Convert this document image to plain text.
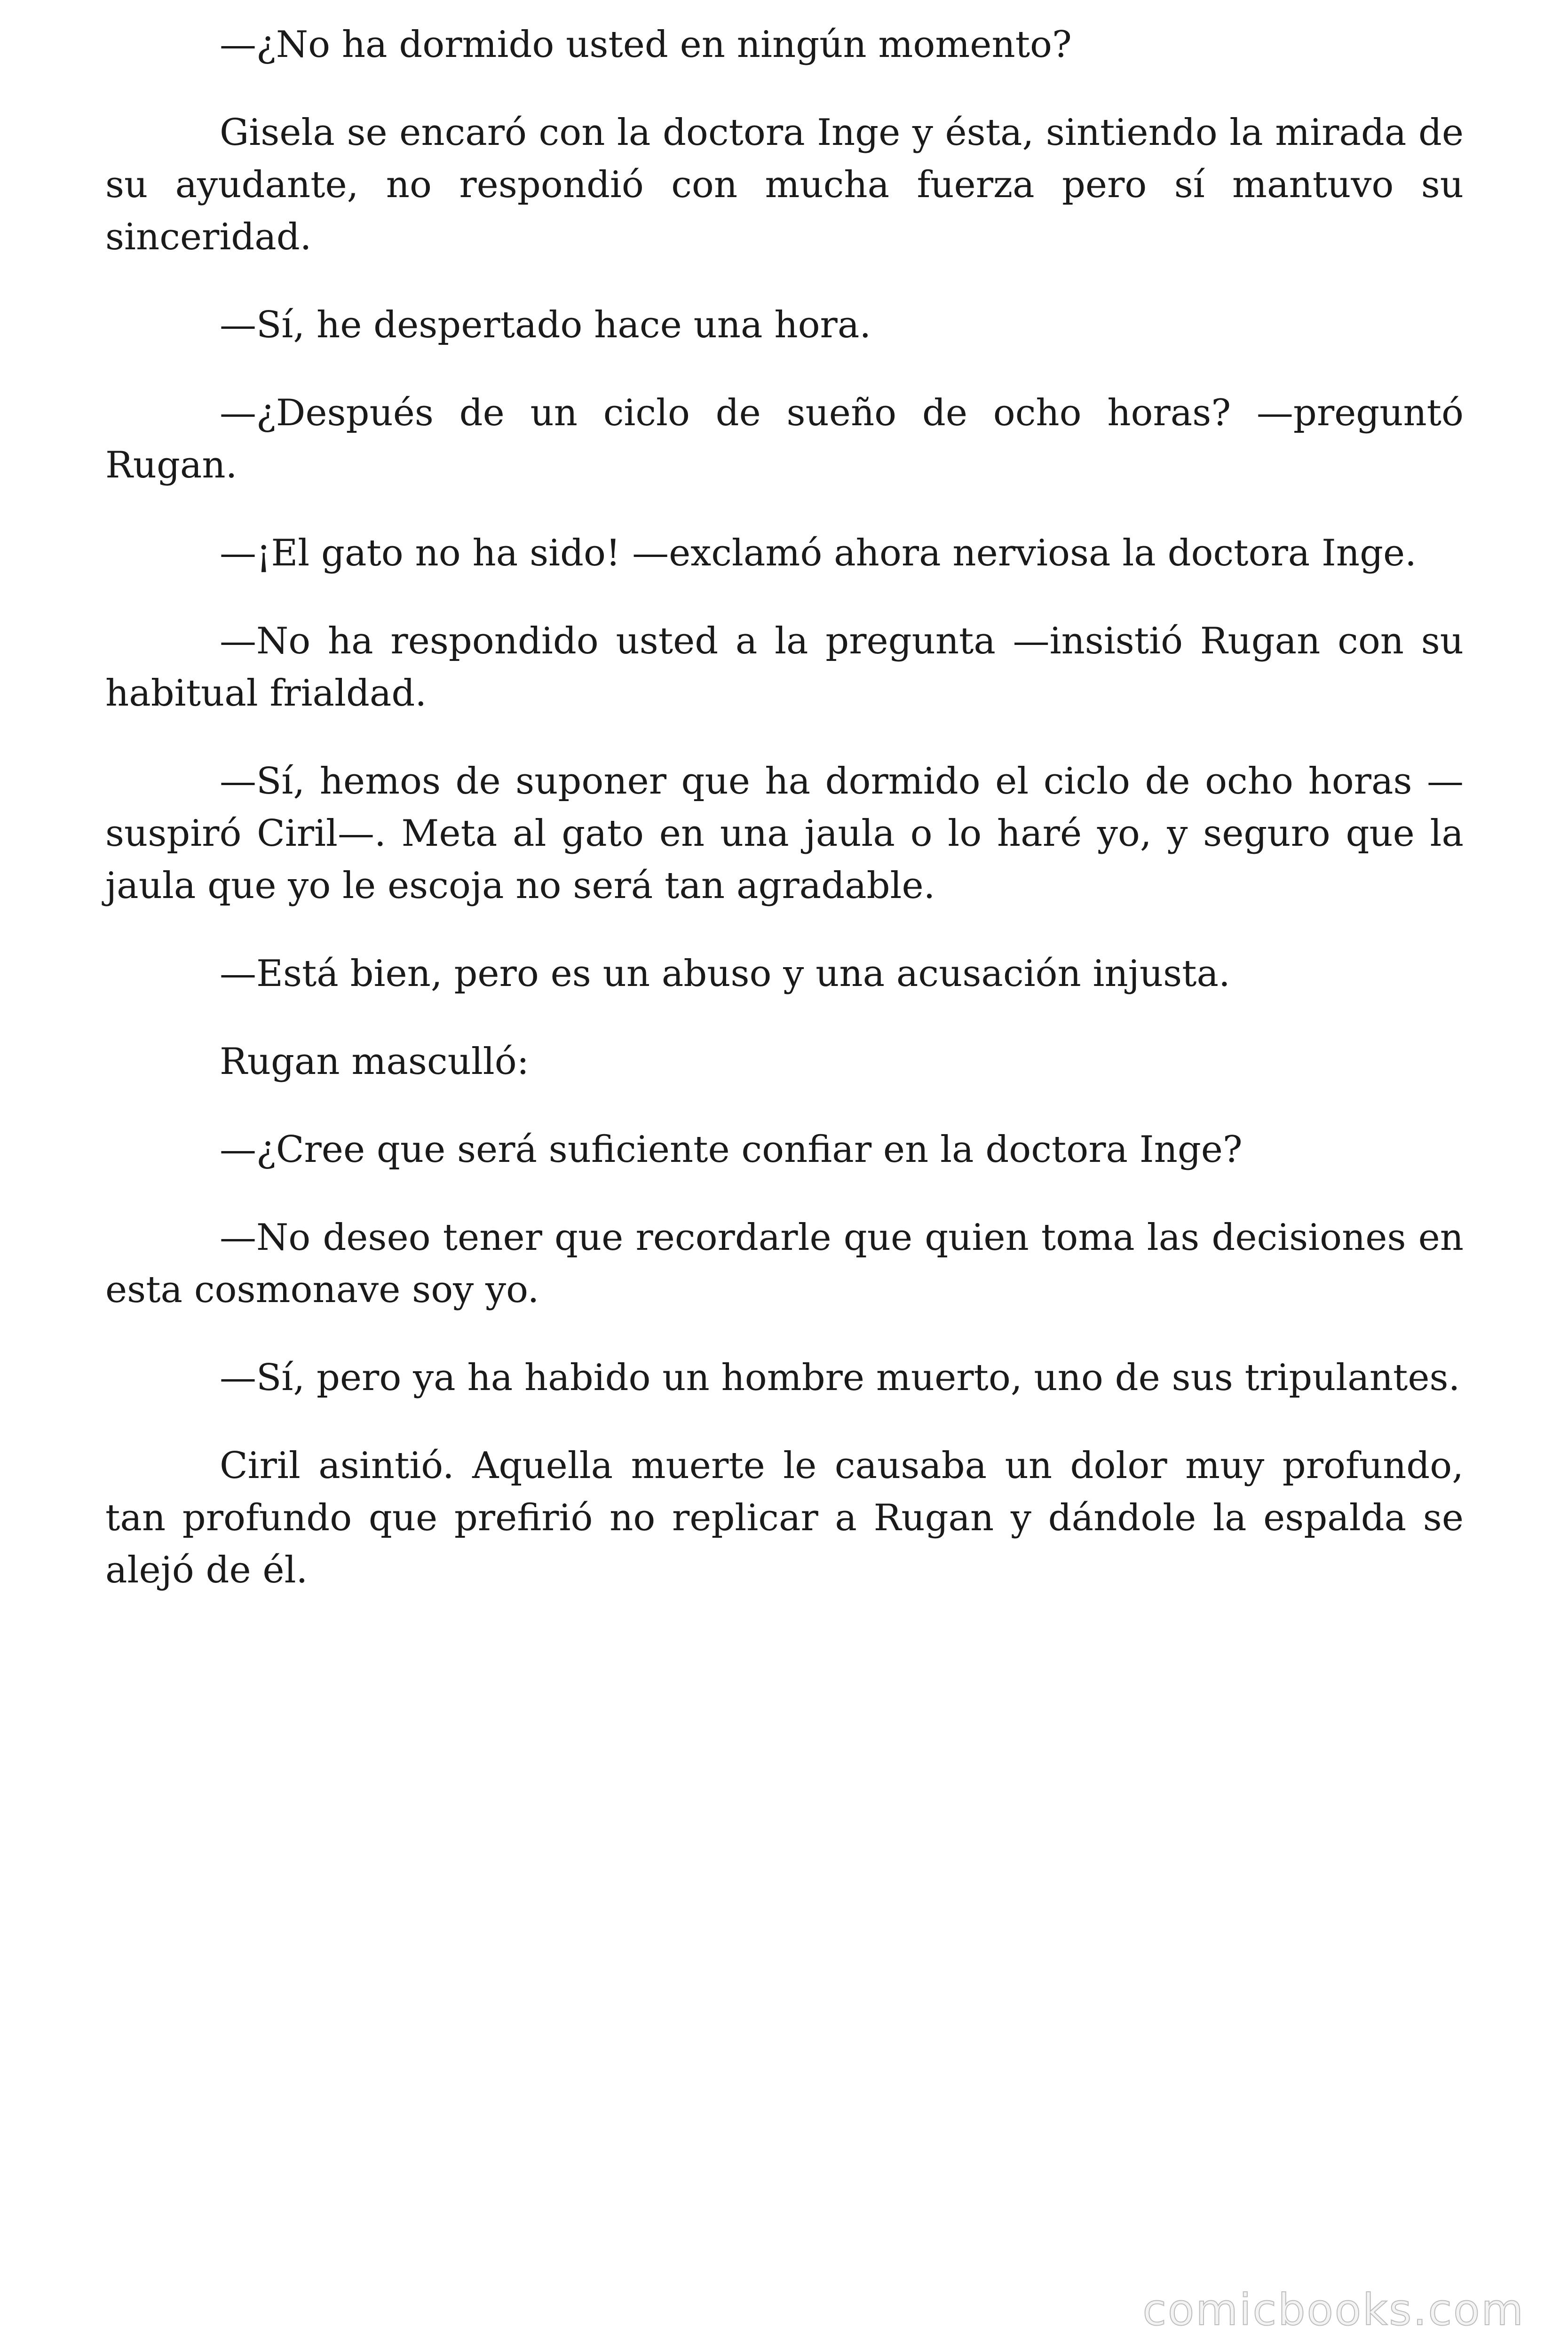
—¿No ha dormido usted en ningún momento?

Gisela se encaró con la doctora Inge y ésta, sintiendo la mirada de su ayudante, no respondió con mucha fuerza pero sí mantuvo su sinceridad.

—Sí, he despertado hace una hora.

—¿Después de un ciclo de sueño de ocho horas? —preguntó Rugan.

—¡El gato no ha sido! —exclamó ahora nerviosa la doctora Inge.

—No ha respondido usted a la pregunta —insistió Rugan con su habitual frialdad.

—Sí, hemos de suponer que ha dormido el ciclo de ocho horas —suspiró Ciril—. Meta al gato en una jaula o lo haré yo, y seguro que la jaula que yo le escoja no será tan agradable.

—Está bien, pero es un abuso y una acusación injusta.

Rugan masculló:

—¿Cree que será suficiente confiar en la doctora Inge?

—No deseo tener que recordarle que quien toma las decisiones en esta cosmonave soy yo.

—Sí, pero ya ha habido un hombre muerto, uno de sus tripulantes.

Ciril asintió. Aquella muerte le causaba un dolor muy profundo, tan profundo que prefirió no replicar a Rugan y dándole la espalda se alejó de él.

comicbooks.com
